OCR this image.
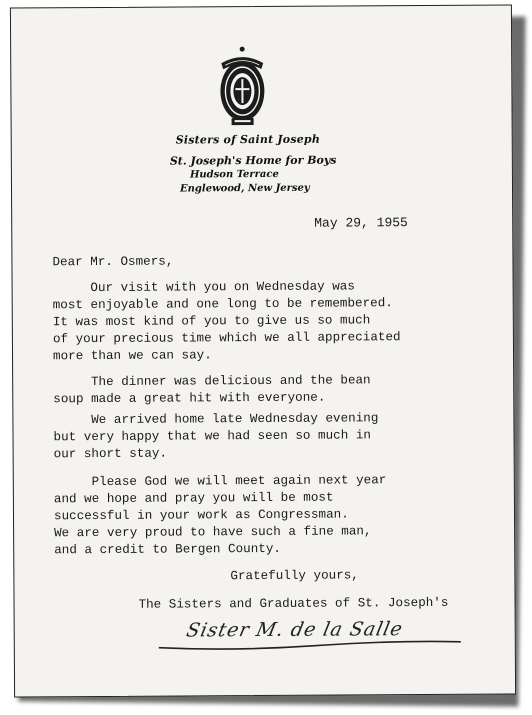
Sisters of Saint Joseph
St. Joseph's Home for Boys
Hudson Terrace
Englewood, New Jersey
May 29, 1955
Dear Mr. Osmers,
Our visit with you on Wednesday was
most enjoyable and one long to be remembered.
It was most kind of you to give us so much
of your precious time which we all appreciated
more than we can say.
The dinner was delicious and the bean
soup made a great hit with everyone.
We arrived home late Wednesday evening
but very happy that we had seen so much in
our short stay.
Please God we will meet again next year
and we hope and pray you will be most
successful in your work as Congressman.
We are very proud to have such a fine man,
and a credit to Bergen County.
Gratefully yours,
The Sisters and Graduates of St. Joseph's
Sister M. de la Salle
